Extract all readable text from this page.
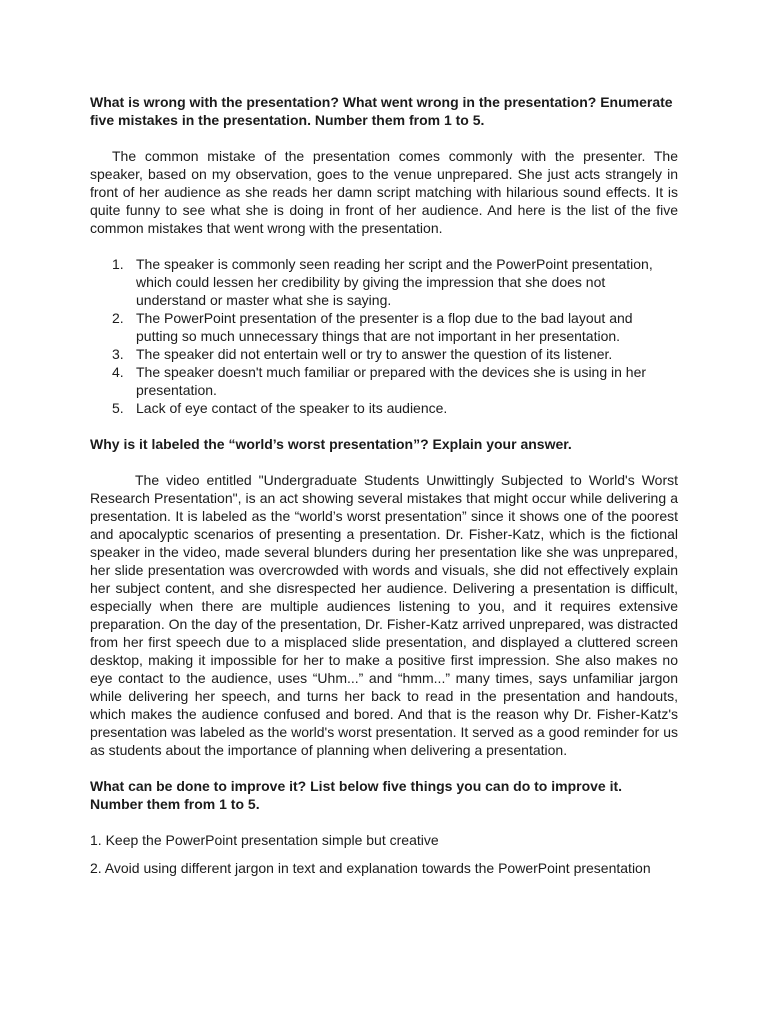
What is wrong with the presentation? What went wrong in the presentation? Enumerate five mistakes in the presentation. Number them from 1 to 5.

The common mistake of the presentation comes commonly with the presenter. The speaker, based on my observation, goes to the venue unprepared. She just acts strangely in front of her audience as she reads her damn script matching with hilarious sound effects. It is quite funny to see what she is doing in front of her audience. And here is the list of the five common mistakes that went wrong with the presentation.

1. The speaker is commonly seen reading her script and the PowerPoint presentation, which could lessen her credibility by giving the impression that she does not understand or master what she is saying.
2. The PowerPoint presentation of the presenter is a flop due to the bad layout and putting so much unnecessary things that are not important in her presentation.
3. The speaker did not entertain well or try to answer the question of its listener.
4. The speaker doesn't much familiar or prepared with the devices she is using in her presentation.
5. Lack of eye contact of the speaker to its audience.

Why is it labeled the “world’s worst presentation”? Explain your answer.

The video entitled "Undergraduate Students Unwittingly Subjected to World's Worst Research Presentation", is an act showing several mistakes that might occur while delivering a presentation. It is labeled as the “world’s worst presentation” since it shows one of the poorest and apocalyptic scenarios of presenting a presentation. Dr. Fisher-Katz, which is the fictional speaker in the video, made several blunders during her presentation like she was unprepared, her slide presentation was overcrowded with words and visuals, she did not effectively explain her subject content, and she disrespected her audience. Delivering a presentation is difficult, especially when there are multiple audiences listening to you, and it requires extensive preparation. On the day of the presentation, Dr. Fisher-Katz arrived unprepared, was distracted from her first speech due to a misplaced slide presentation, and displayed a cluttered screen desktop, making it impossible for her to make a positive first impression. She also makes no eye contact to the audience, uses “Uhm...” and “hmm...” many times, says unfamiliar jargon while delivering her speech, and turns her back to read in the presentation and handouts, which makes the audience confused and bored. And that is the reason why Dr. Fisher-Katz's presentation was labeled as the world's worst presentation. It served as a good reminder for us as students about the importance of planning when delivering a presentation.

What can be done to improve it? List below five things you can do to improve it. Number them from 1 to 5.

1. Keep the PowerPoint presentation simple but creative

2. Avoid using different jargon in text and explanation towards the PowerPoint presentation
